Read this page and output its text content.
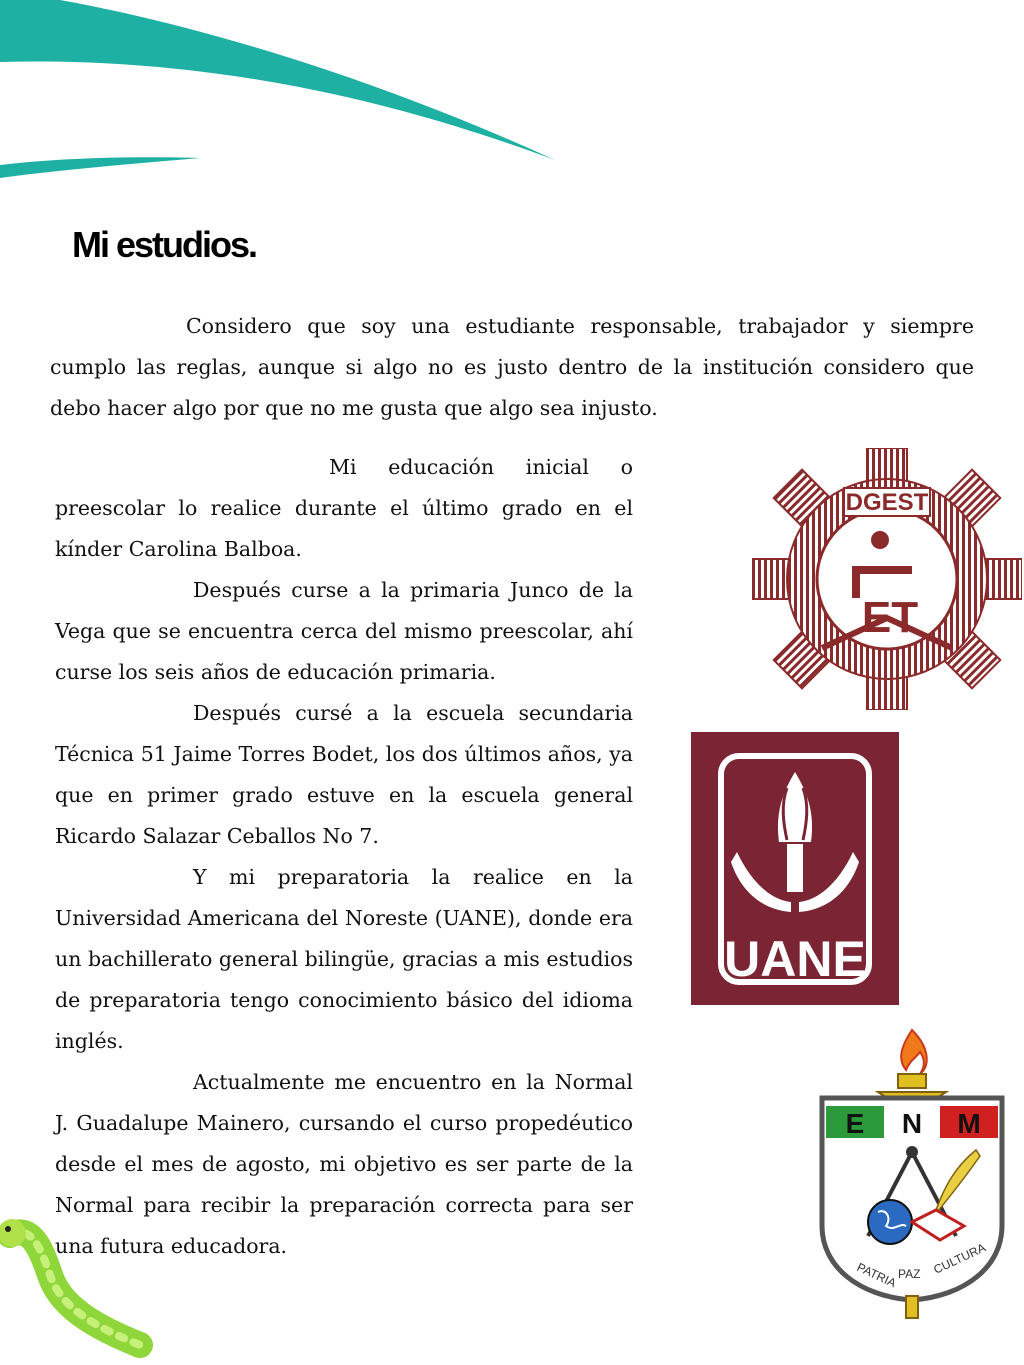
Mi estudios.

Considero que soy una estudiante responsable, trabajador y siempre cumplo las reglas, aunque si algo no es justo dentro de la institución considero que debo hacer algo por que no me gusta que algo sea injusto.

Mi educación inicial o preescolar lo realice durante el último grado en el kínder Carolina Balboa.

Después curse a la primaria Junco de la Vega que se encuentra cerca del mismo preescolar, ahí curse los seis años de educación primaria.

Después cursé a la escuela secundaria Técnica 51 Jaime Torres Bodet, los dos últimos años, ya que en primer grado estuve en la escuela general Ricardo Salazar Ceballos No 7.

Y mi preparatoria la realice en la Universidad Americana del Noreste (UANE), donde era un bachillerato general bilingüe, gracias a mis estudios de preparatoria tengo conocimiento básico del idioma inglés.

Actualmente me encuentro en la Normal J. Guadalupe Mainero, cursando el curso propedéutico desde el mes de agosto, mi objetivo es ser parte de la Normal para recibir la preparación correcta para ser una futura educadora.

DGEST
ET
UANE
E N M
PATRIA PAZ CULTURA
